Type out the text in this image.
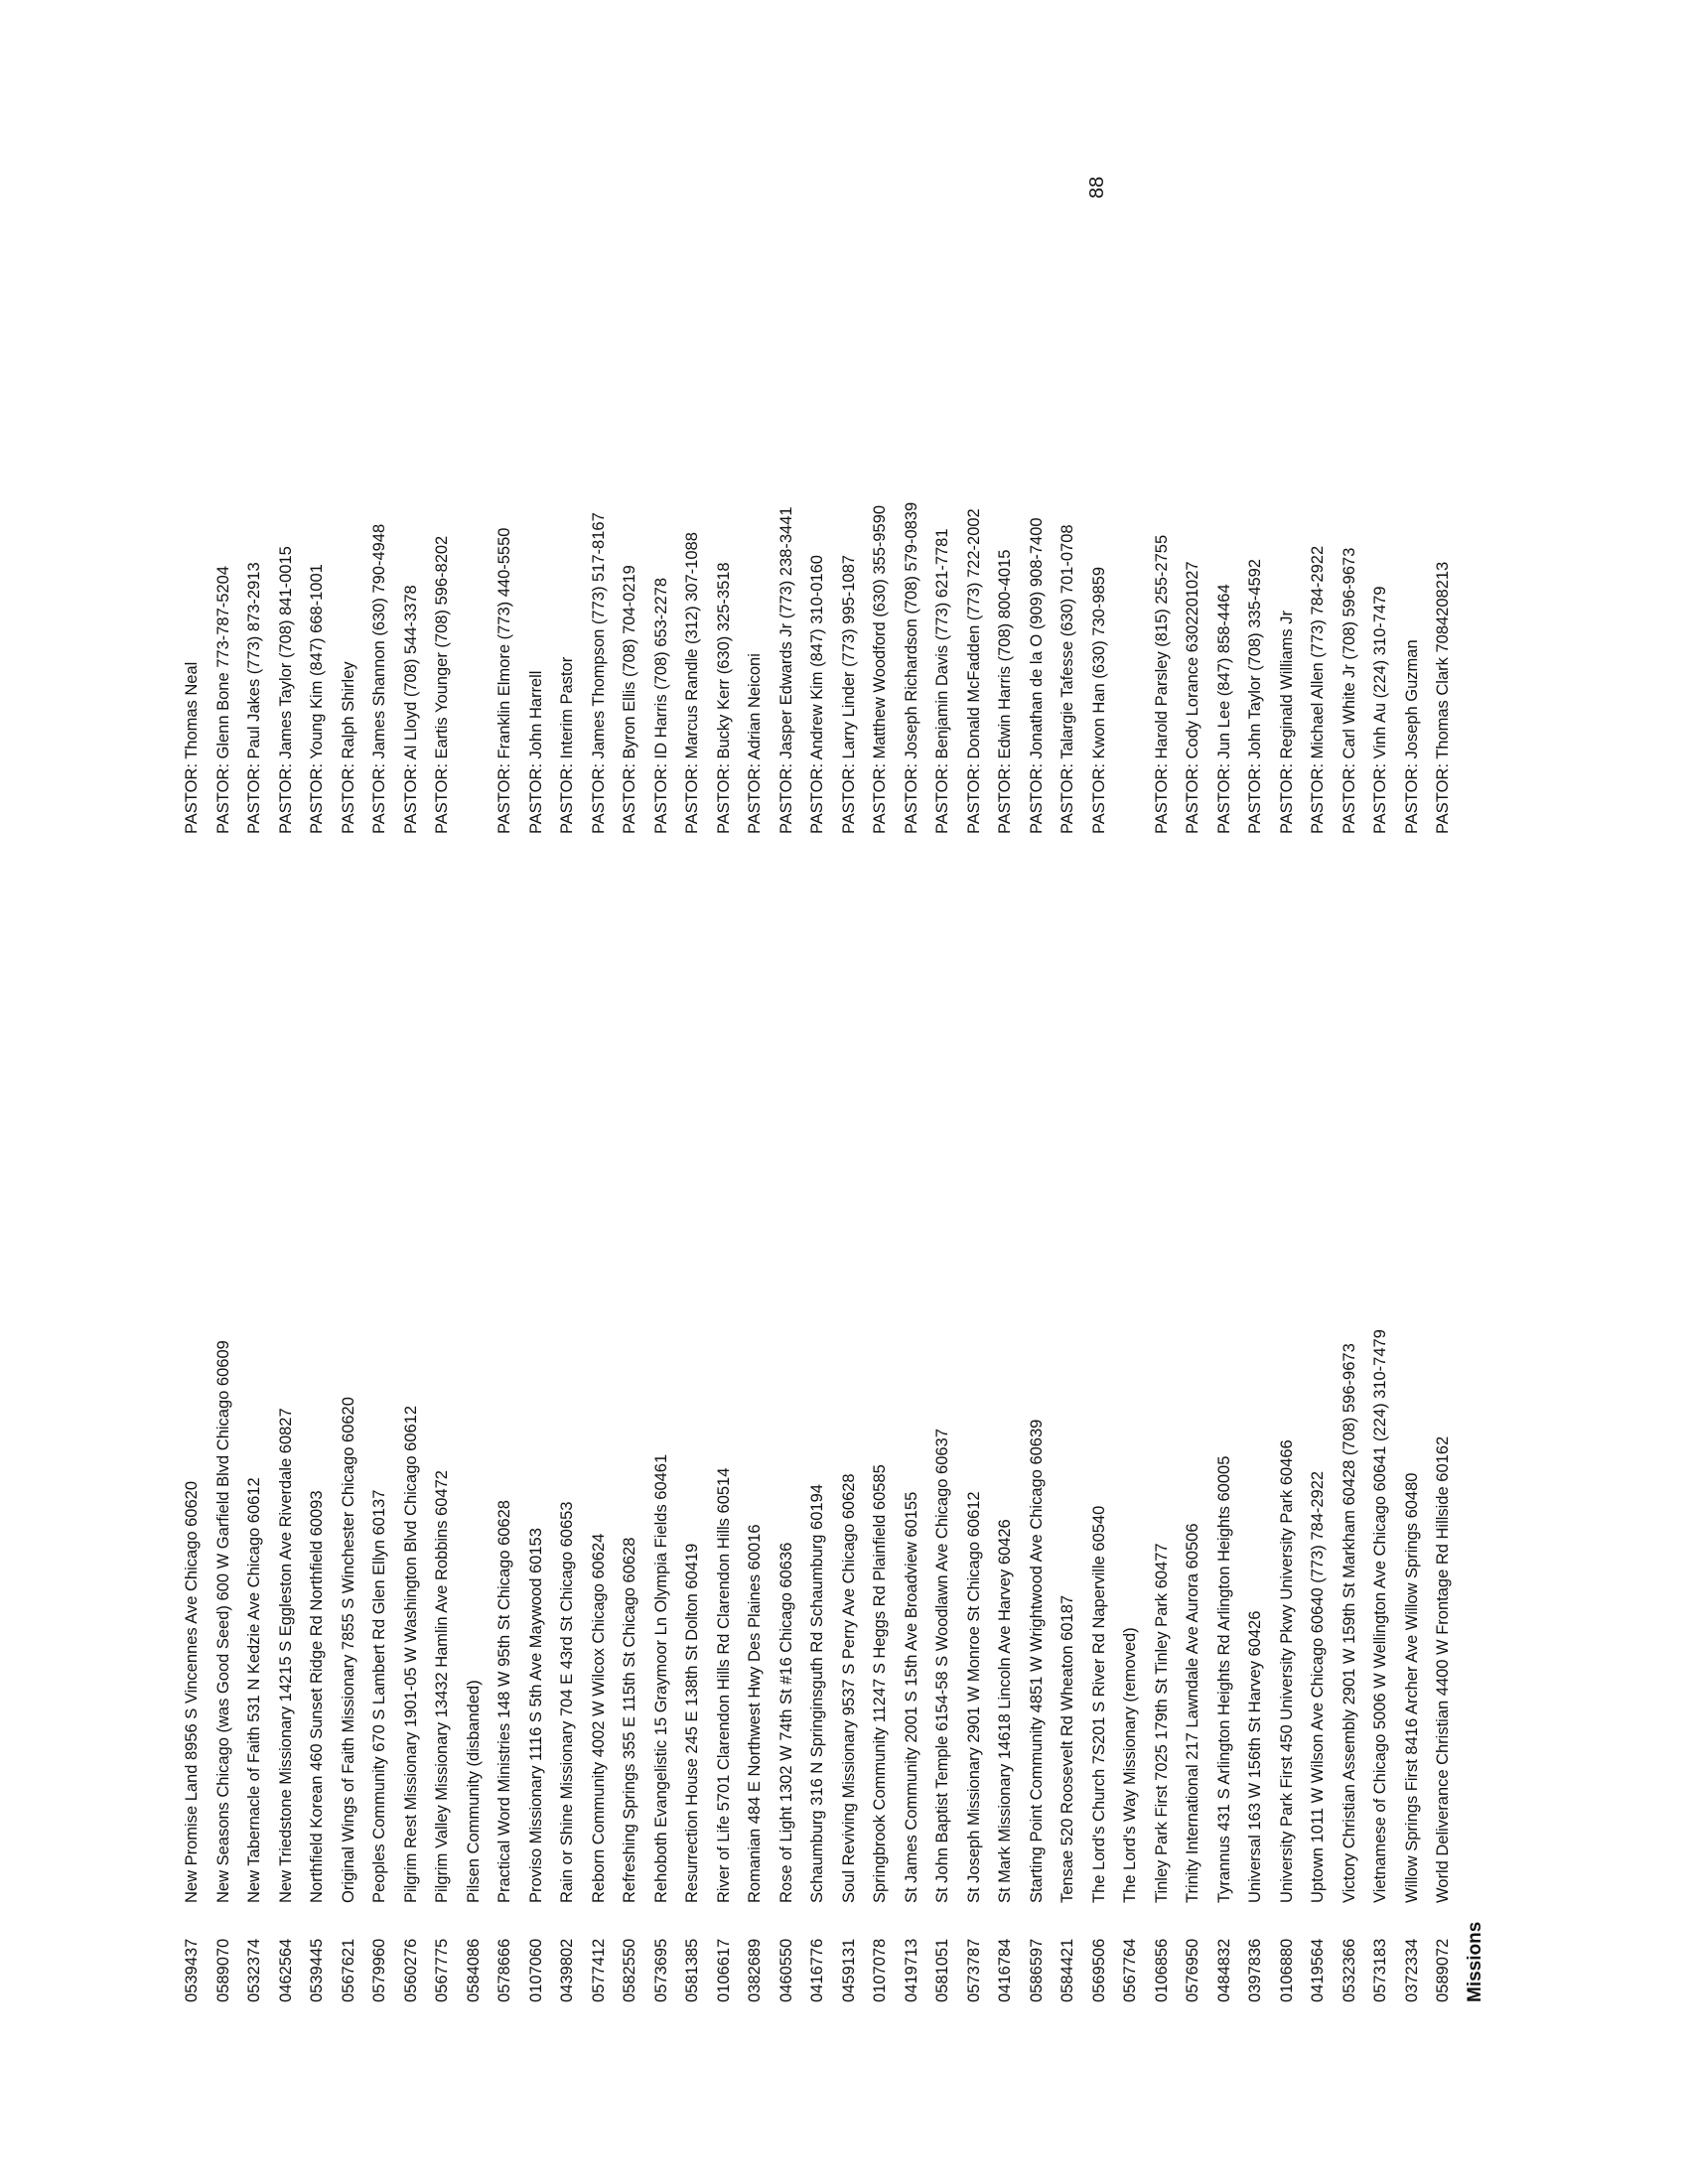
88
0539437 0589070 0532374 0462564 0539445 0567621 0579960 0560276 0567775 0584086 0578666 0107060 0439802 0577412 0582550 0573695 0581385 0106617 0382689 0460550 0416776 0459131 0107078 0419713 0581051 0573787 0416784 0586597 0584421 0569506 0567764 0106856 0576950 0484832 0397836 0106880 0419564 0532366 0573183 0372334 0589072 Missions
New Promise Land 8956 S Vincennes Ave Chicago 60620 New Seasons Chicago (was Good Seed) 600 W Garfield Blvd Chicago 60609 New Tabernacle of Faith 531 N Kedzie Ave Chicago 60612 New Triedstone Missionary 14215 S Eggleston Ave Riverdale 60827 Northfield Korean 460 Sunset Ridge Rd Northfield 60093 Original Wings of Faith Missionary 7855 S Winchester Chicago 60620 Peoples Community 670 S Lambert Rd Glen Ellyn 60137 Pilgrim Rest Missionary 1901-05 W Washington Blvd Chicago 60612 Pilgrim Valley Missionary 13432 Hamlin Ave Robbins 60472 Pilsen Community (disbanded) Practical Word Ministries 148 W 95th St Chicago 60628 Proviso Missionary 1116 S 5th Ave Maywood 60153 Rain or Shine Missionary 704 E 43rd St Chicago 60653 Reborn Community 4002 W Wilcox Chicago 60624 Refreshing Springs 355 E 115th St Chicago 60628 Rehoboth Evangelistic 15 Graymoor Ln Olympia Fields 60461 Resurrection House 245 E 138th St Dolton 60419 River of Life 5701 Clarendon Hills Rd Clarendon Hills 60514 Romanian 484 E Northwest Hwy Des Plaines 60016 Rose of Light 1302 W 74th St #16 Chicago 60636 Schaumburg 316 N Springinsguth Rd Schaumburg 60194 Soul Reviving Missionary 9537 S Perry Ave Chicago 60628 Springbrook Community 11247 S Heggs Rd Plainfield 60585 St James Community 2001 S 15th Ave Broadview 60155 St John Baptist Temple 6154-58 S Woodlawn Ave Chicago 60637 St Joseph Missionary 2901 W Monroe St Chicago 60612 St Mark Missionary 14618 Lincoln Ave Harvey 60426 Starting Point Community 4851 W Wrightwood Ave Chicago 60639 Tensae 520 Roosevelt Rd Wheaton 60187 The Lord's Church 7S201 S River Rd Naperville 60540 The Lord's Way Missionary (removed) Tinley Park First 7025 179th St Tinley Park 60477 Trinity International 217 Lawndale Ave Aurora 60506 Tyrannus 431 S Arlington Heights Rd Arlington Heights 60005 Universal 163 W 156th St Harvey 60426 University Park First 450 University Pkwy University Park 60466 Uptown 1011 W Wilson Ave Chicago 60640 (773) 784-2922 Victory Christian Assembly 2901 W 159th St Markham 60428 (708) 596-9673 Vietnamese of Chicago 5006 W Wellington Ave Chicago 60641 (224) 310-7479 Willow Springs First 8416 Archer Ave Willow Springs 60480 World Deliverance Christian 4400 W Frontage Rd Hillside 60162
PASTOR: Thomas Neal PASTOR: Glenn Bone 773-787-5204 PASTOR: Paul Jakes (773) 873-2913 PASTOR: James Taylor (708) 841-0015 PASTOR: Young Kim (847) 668-1001 PASTOR: Ralph Shirley PASTOR: James Shannon (630) 790-4948 PASTOR: Al Lloyd (708) 544-3378 PASTOR: Eartis Younger (708) 596-8202	PASTOR: Franklin Elmore (773) 440-5550 PASTOR: John Harrell PASTOR: Interim Pastor PASTOR: James Thompson (773) 517-8167 PASTOR: Byron Ellis (708) 704-0219 PASTOR: ID Harris (708) 653-2278 PASTOR: Marcus Randle (312) 307-1088 PASTOR: Bucky Kerr (630) 325-3518 PASTOR: Adrian Neiconi PASTOR: Jasper Edwards Jr (773) 238-3441 PASTOR: Andrew Kim (847) 310-0160 PASTOR: Larry Linder (773) 995-1087 PASTOR: Matthew Woodford (630) 355-9590 PASTOR: Joseph Richardson (708) 579-0839 PASTOR: Benjamin Davis (773) 621-7781 PASTOR: Donald McFadden (773) 722-2002 PASTOR: Edwin Harris (708) 800-4015 PASTOR: Jonathan de la O (909) 908-7400 PASTOR: Talargie Tafesse (630) 701-0708 PASTOR: Kwon Han (630) 730-9859	PASTOR: Harold Parsley (815) 255-2755 PASTOR: Cody Lorance 6302201027 PASTOR: Jun Lee (847) 858-4464 PASTOR: John Taylor (708) 335-4592 PASTOR: Reginald Williams Jr PASTOR: Michael Allen (773) 784-2922 PASTOR: Carl White Jr (708) 596-9673 PASTOR: Vinh Au (224) 310-7479 PASTOR: Joseph Guzman PASTOR: Thomas Clark 7084208213
